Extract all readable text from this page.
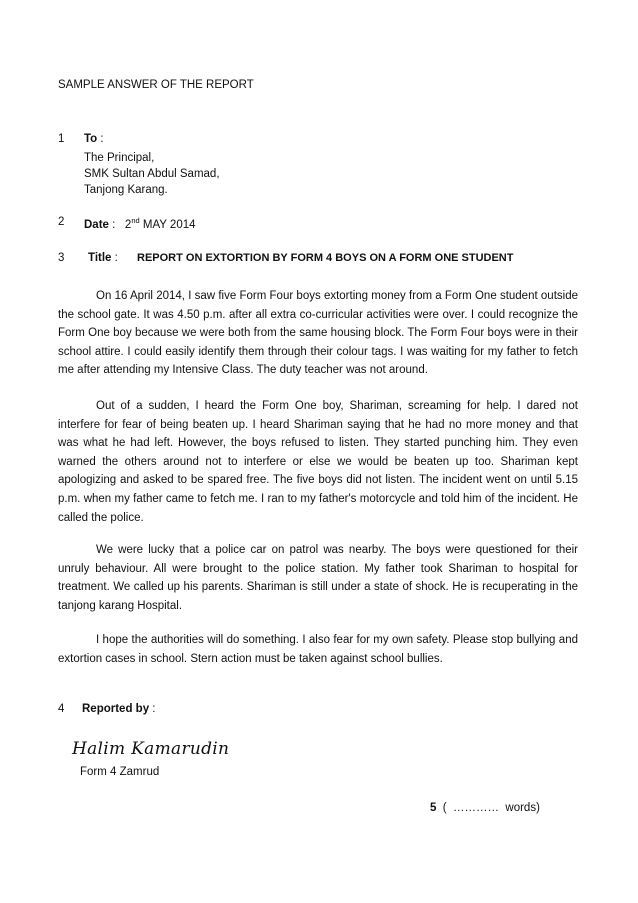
SAMPLE ANSWER OF THE REPORT
1 To :
The Principal,
SMK Sultan Abdul Samad,
Tanjong Karang.
2 Date :   2nd MAY 2014
3 Title : REPORT ON EXTORTION BY FORM 4 BOYS ON A FORM ONE STUDENT
On 16 April 2014, I saw five Form Four boys extorting money from a Form One student outside the school gate. It was 4.50 p.m. after all extra co-curricular activities were over. I could recognize the Form One boy because we were both from the same housing block. The Form Four boys were in their school attire. I could easily identify them through their colour tags. I was waiting for my father to fetch me after attending my Intensive Class. The duty teacher was not around.
Out of a sudden, I heard the Form One boy, Shariman, screaming for help. I dared not interfere for fear of being beaten up. I heard Shariman saying that he had no more money and that was what he had left. However, the boys refused to listen. They started punching him. They even warned the others around not to interfere or else we would be beaten up too. Shariman kept apologizing and asked to be spared free. The five boys did not listen. The incident went on until 5.15 p.m. when my father came to fetch me. I ran to my father's motorcycle and told him of the incident. He called the police.
We were lucky that a police car on patrol was nearby. The boys were questioned for their unruly behaviour. All were brought to the police station. My father took Shariman to hospital for treatment. We called up his parents. Shariman is still under a state of shock. He is recuperating in the tanjong karang Hospital.
I hope the authorities will do something. I also fear for my own safety. Please stop bullying and extortion cases in school. Stern action must be taken against school bullies.
4 Reported by :
Halim Kamarudin
Form 4 Zamrud
5  (  …………  words)
